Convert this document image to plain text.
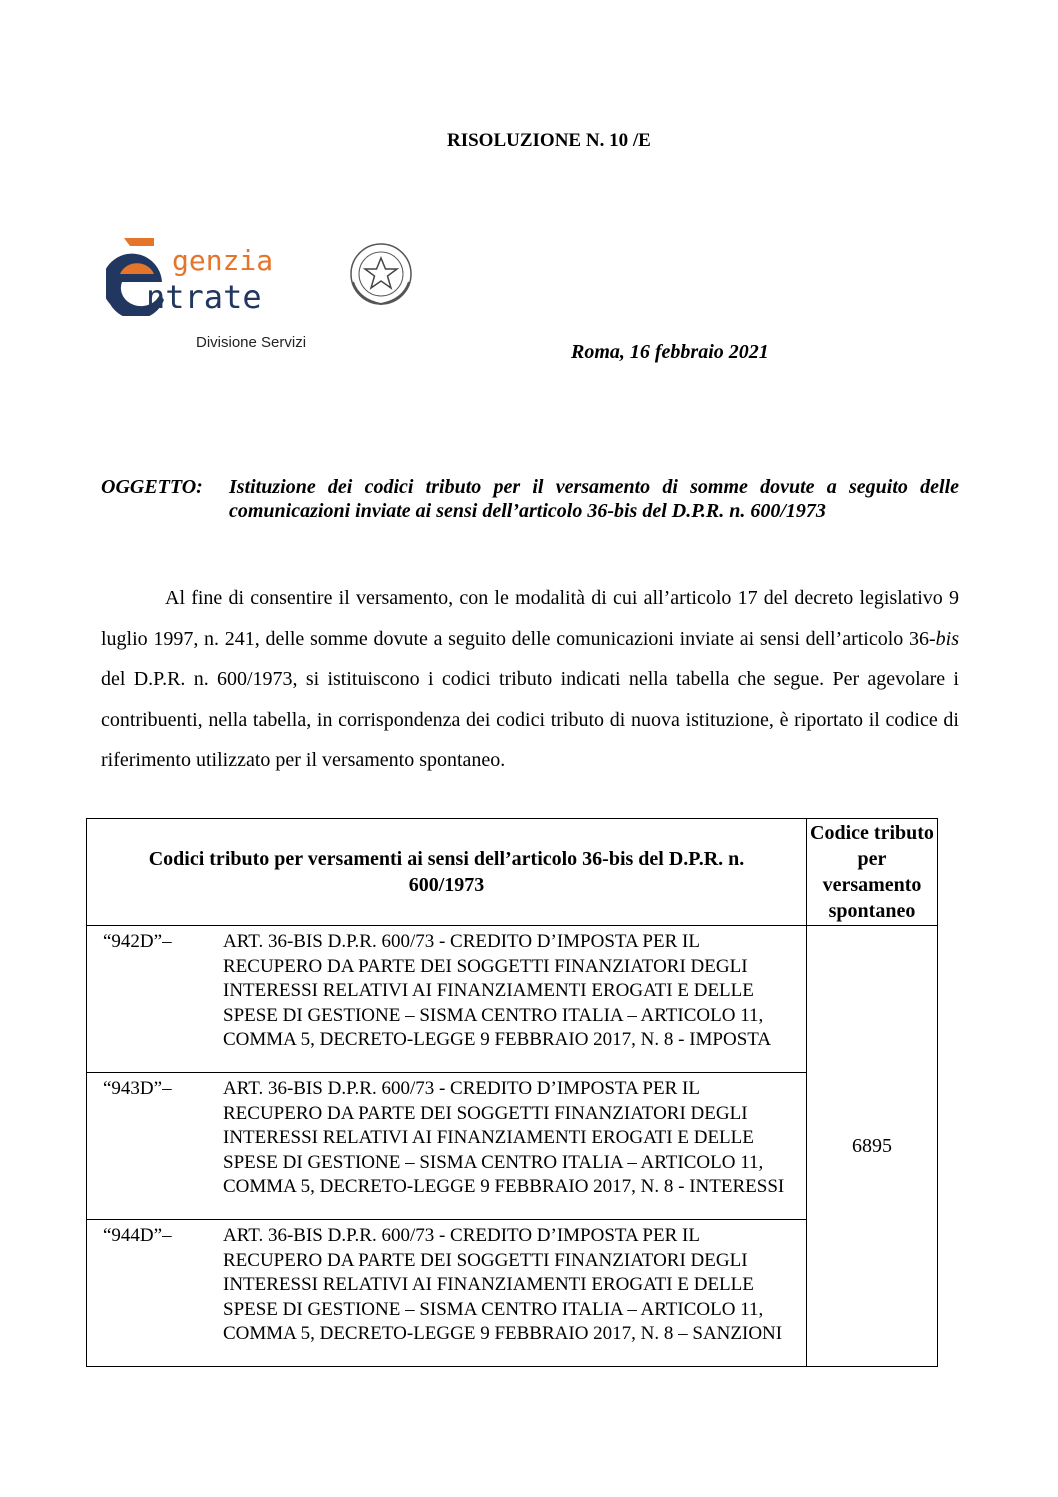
RISOLUZIONE N. 10 /E
genzia
ntrate
Divisione Servizi	Roma, 16 febbraio 2021
OGGETTO: Istituzione dei codici tributo per il versamento di somme dovute a seguito delle comunicazioni inviate ai sensi dell’articolo 36-bis del D.P.R. n. 600/1973

Al fine di consentire il versamento, con le modalità di cui all’articolo 17 del decreto legislativo 9 luglio 1997, n. 241, delle somme dovute a seguito delle comunicazioni inviate ai sensi dell’articolo 36-bis del D.P.R. n. 600/1973, si istituiscono i codici tributo indicati nella tabella che segue. Per agevolare i contribuenti, nella tabella, in corrispondenza dei codici tributo di nuova istituzione, è riportato il codice di riferimento utilizzato per il versamento spontaneo.

Codici tributo per versamenti ai sensi dell’articolo 36-bis del D.P.R. n. 600/1973		Codice tributo per versamento spontaneo
“942D”–	ART. 36-BIS D.P.R. 600/73 - CREDITO D’IMPOSTA PER IL RECUPERO DA PARTE DEI SOGGETTI FINANZIATORI DEGLI INTERESSI RELATIVI AI FINANZIAMENTI EROGATI E DELLE SPESE DI GESTIONE – SISMA CENTRO ITALIA – ARTICOLO 11, COMMA 5, DECRETO-LEGGE 9 FEBBRAIO 2017, N. 8 - IMPOSTA	6895
“943D”–	ART. 36-BIS D.P.R. 600/73 - CREDITO D’IMPOSTA PER IL RECUPERO DA PARTE DEI SOGGETTI FINANZIATORI DEGLI INTERESSI RELATIVI AI FINANZIAMENTI EROGATI E DELLE SPESE DI GESTIONE – SISMA CENTRO ITALIA – ARTICOLO 11, COMMA 5, DECRETO-LEGGE 9 FEBBRAIO 2017, N. 8 - INTERESSI	
“944D”–	ART. 36-BIS D.P.R. 600/73 - CREDITO D’IMPOSTA PER IL RECUPERO DA PARTE DEI SOGGETTI FINANZIATORI DEGLI INTERESSI RELATIVI AI FINANZIAMENTI EROGATI E DELLE SPESE DI GESTIONE – SISMA CENTRO ITALIA – ARTICOLO 11, COMMA 5, DECRETO-LEGGE 9 FEBBRAIO 2017, N. 8 – SANZIONI	
